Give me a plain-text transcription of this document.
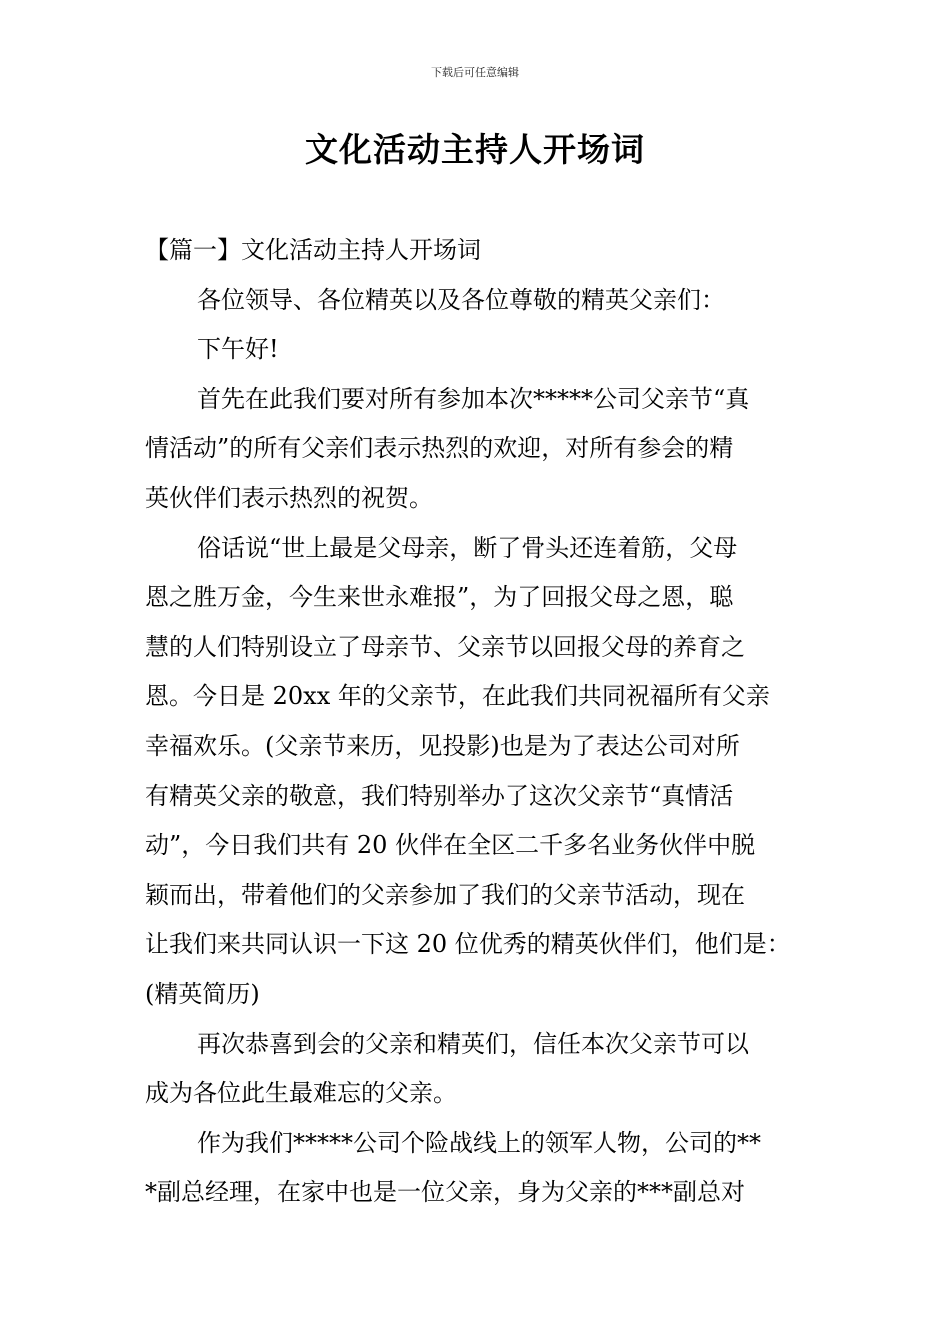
下载后可任意编辑
文化活动主持人开场词
【篇一】文化活动主持人开场词
各位领导、各位精英以及各位尊敬的精英父亲们：
下午好!
首先在此我们要对所有参加本次*****公司父亲节“真
情活动”的所有父亲们表示热烈的欢迎，对所有参会的精
英伙伴们表示热烈的祝贺。
俗话说“世上最是父母亲，断了骨头还连着筋，父母
恩之胜万金，今生来世永难报”，为了回报父母之恩，聪
慧的人们特别设立了母亲节、父亲节以回报父母的养育之
恩。今日是 20xx 年的父亲节，在此我们共同祝福所有父亲
幸福欢乐。(父亲节来历，见投影)也是为了表达公司对所
有精英父亲的敬意，我们特别举办了这次父亲节“真情活
动”，今日我们共有 20 伙伴在全区二千多名业务伙伴中脱
颖而出，带着他们的父亲参加了我们的父亲节活动，现在
让我们来共同认识一下这 20 位优秀的精英伙伴们，他们是：
(精英简历)
再次恭喜到会的父亲和精英们，信任本次父亲节可以
成为各位此生最难忘的父亲。
作为我们*****公司个险战线上的领军人物，公司的**
*副总经理，在家中也是一位父亲，身为父亲的***副总对
